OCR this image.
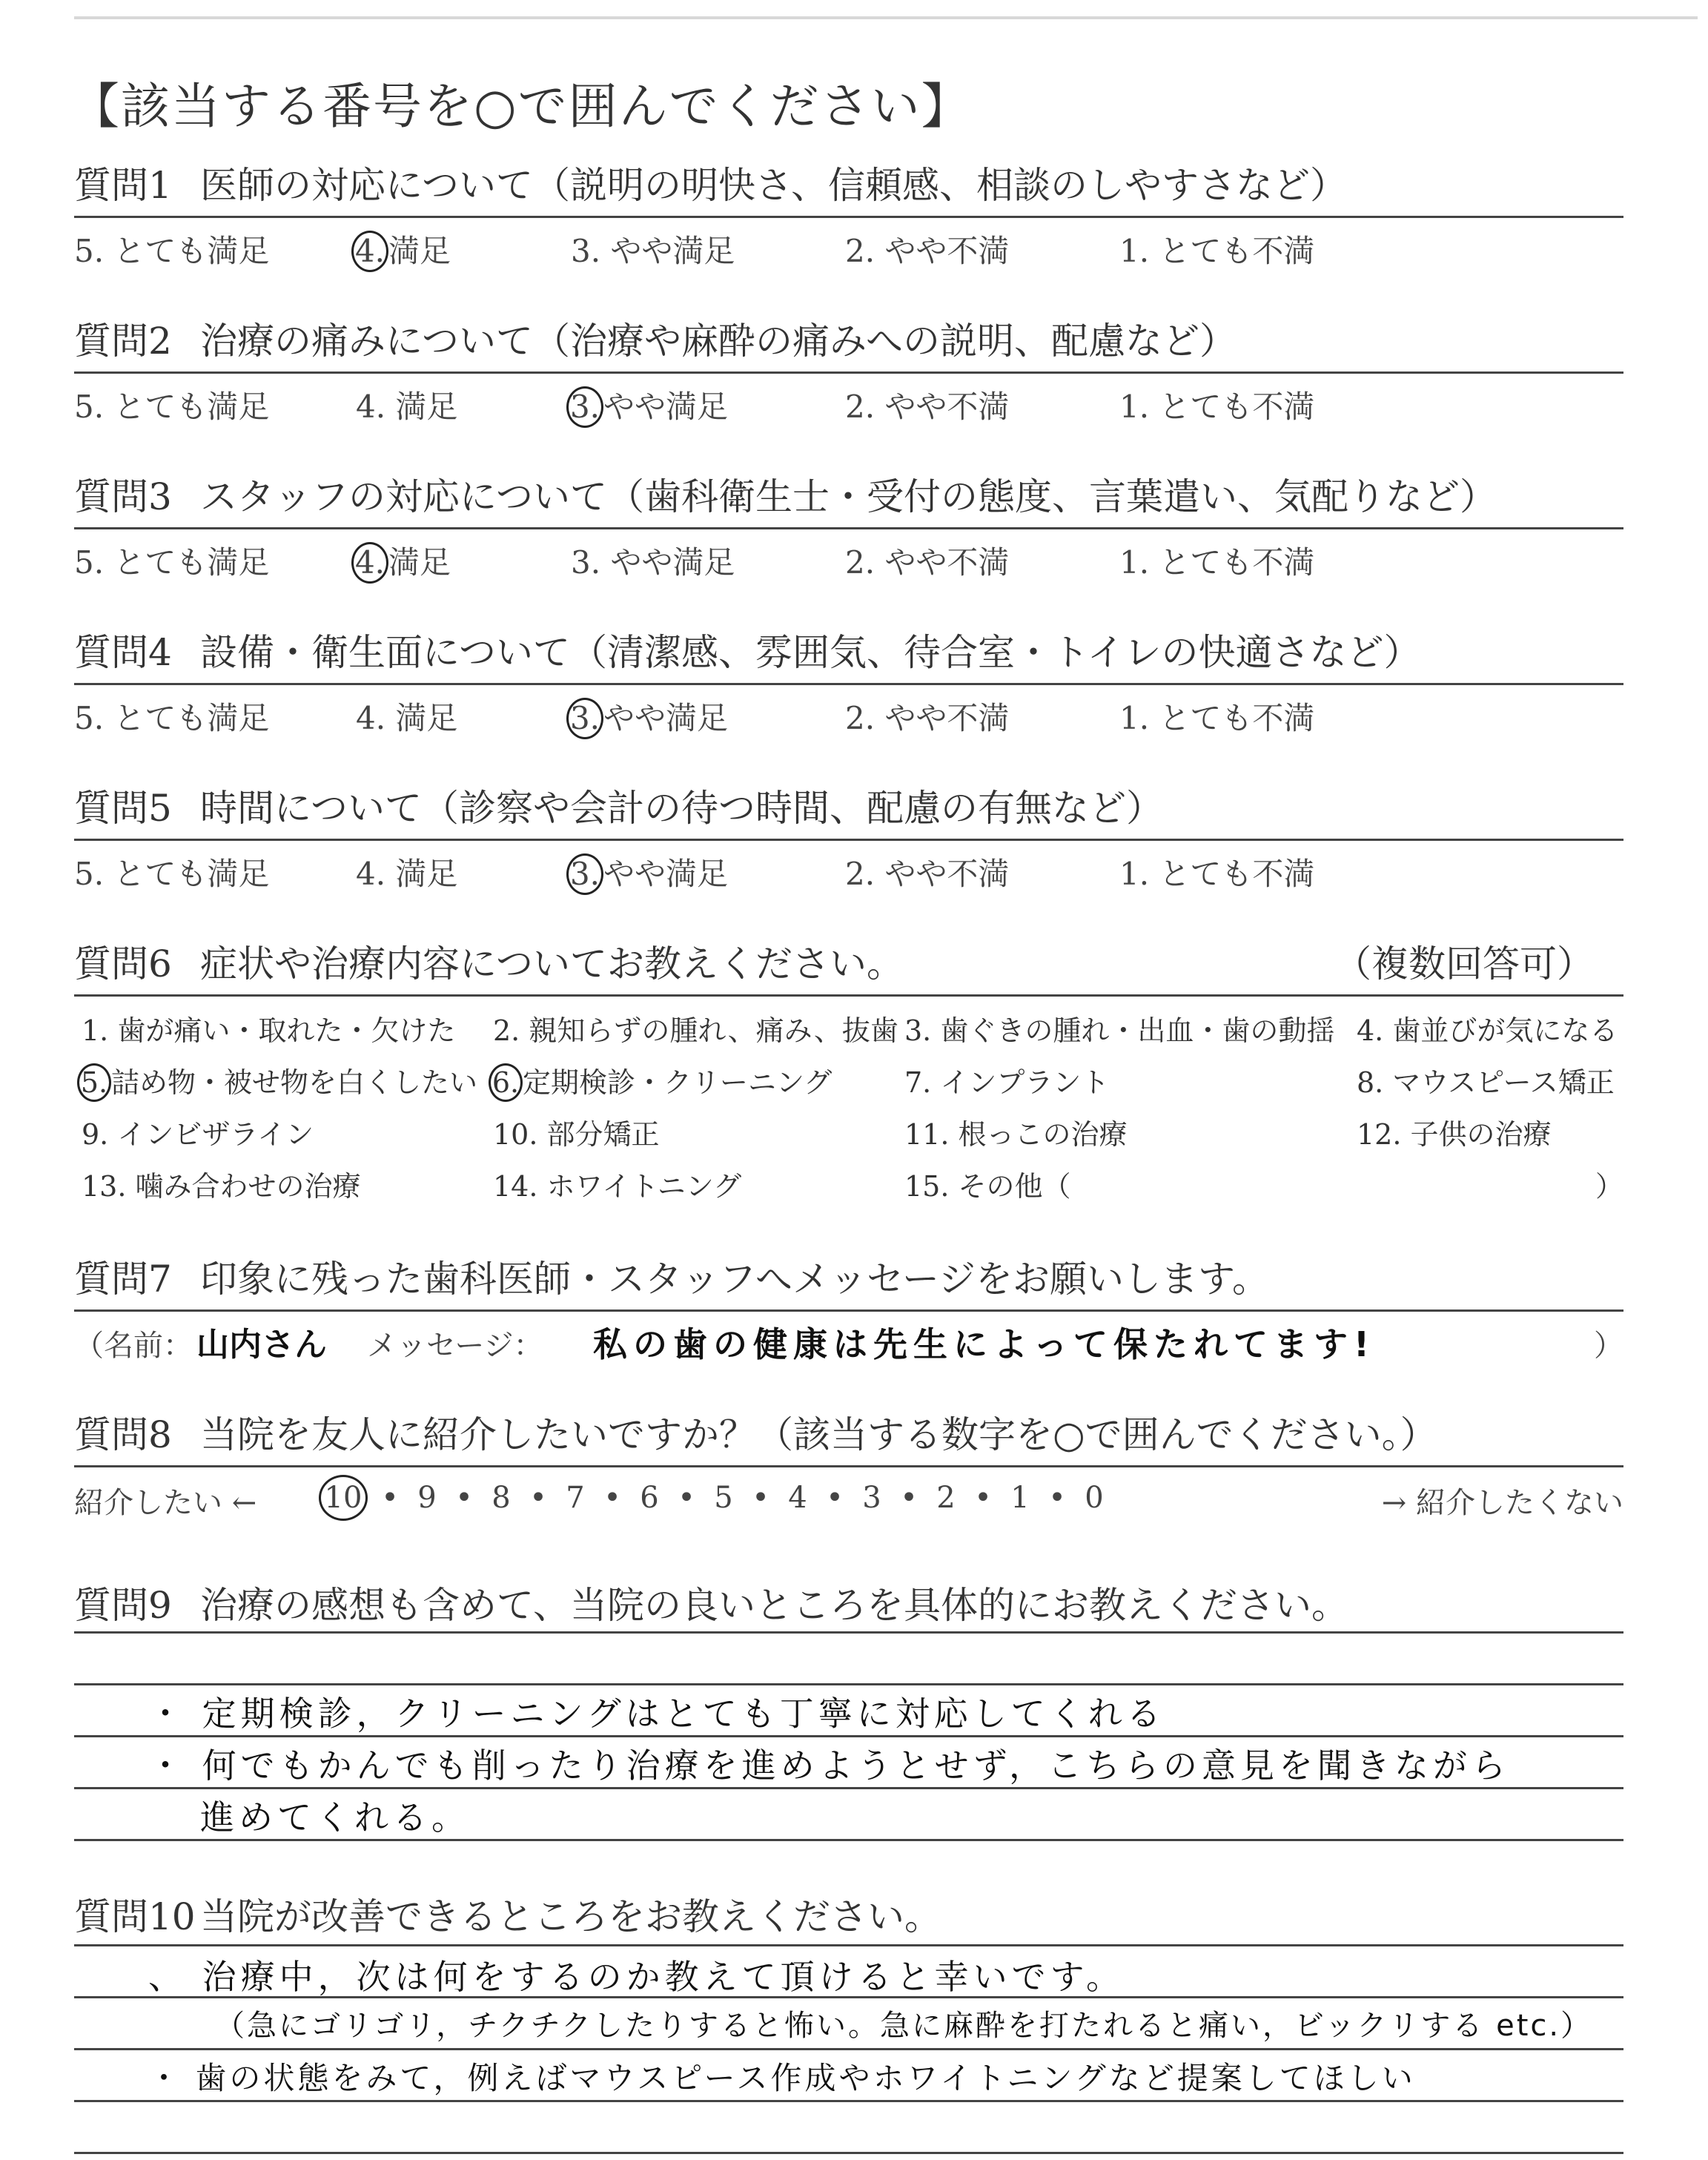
【該当する番号を○で囲んでください】
質問1 医師の対応について（説明の明快さ、信頼感、相談のしやすさなど）
5. とても満足	4. 満足	3. やや満足	2. やや不満	1. とても不満
質問2 治療の痛みについて（治療や麻酔の痛みへの説明、配慮など）
5. とても満足	4. 満足	3. やや満足	2. やや不満	1. とても不満
質問3 スタッフの対応について（歯科衛生士・受付の態度、言葉遣い、気配りなど）
5. とても満足	4. 満足	3. やや満足	2. やや不満	1. とても不満
質問4 設備・衛生面について（清潔感、雰囲気、待合室・トイレの快適さなど）
5. とても満足	4. 満足	3. やや満足	2. やや不満	1. とても不満
質問5 時間について（診察や会計の待つ時間、配慮の有無など）
5. とても満足	4. 満足	3. やや満足	2. やや不満	1. とても不満
質問6 症状や治療内容についてお教えください。	（複数回答可）
1. 歯が痛い・取れた・欠けた 2. 親知らずの腫れ、痛み、抜歯 3. 歯ぐきの腫れ・出血・歯の動揺 4. 歯並びが気になる
5. 詰め物・被せ物を白くしたい 6. 定期検診・クリーニング	7. インプラント	8. マウスピース矯正
9. インビザライン	10. 部分矯正	11. 根っこの治療	12. 子供の治療
13. 噛み合わせの治療	14. ホワイトニング	15. その他（	）
質問7 印象に残った歯科医師・スタッフへメッセージをお願いします。
（名前： 山内さん メッセージ： 私の歯の健康は先生によって保たれてます!	）
質問8 当院を友人に紹介したいですか？（該当する数字を○で囲んでください。）
紹介したい ← 10 • 9 • 8 • 7 • 6 • 5 • 4 • 3 • 2 • 1 • 0	→ 紹介したくない
質問9 治療の感想も含めて、当院の良いところを具体的にお教えください。
・ 定期検診，クリーニングはとても丁寧に対応してくれる
・ 何でもかんでも削ったり治療を進めようとせず，こちらの意見を聞きながら
進めてくれる。
質問10 当院が改善できるところをお教えください。
、 治療中，次は何をするのか教えて頂けると幸いです。
（急にゴリゴリ，チクチクしたりすると怖い。急に麻酔を打たれると痛い，ビックリする etc.）
・ 歯の状態をみて，例えばマウスピース作成やホワイトニングなど提案してほしい
